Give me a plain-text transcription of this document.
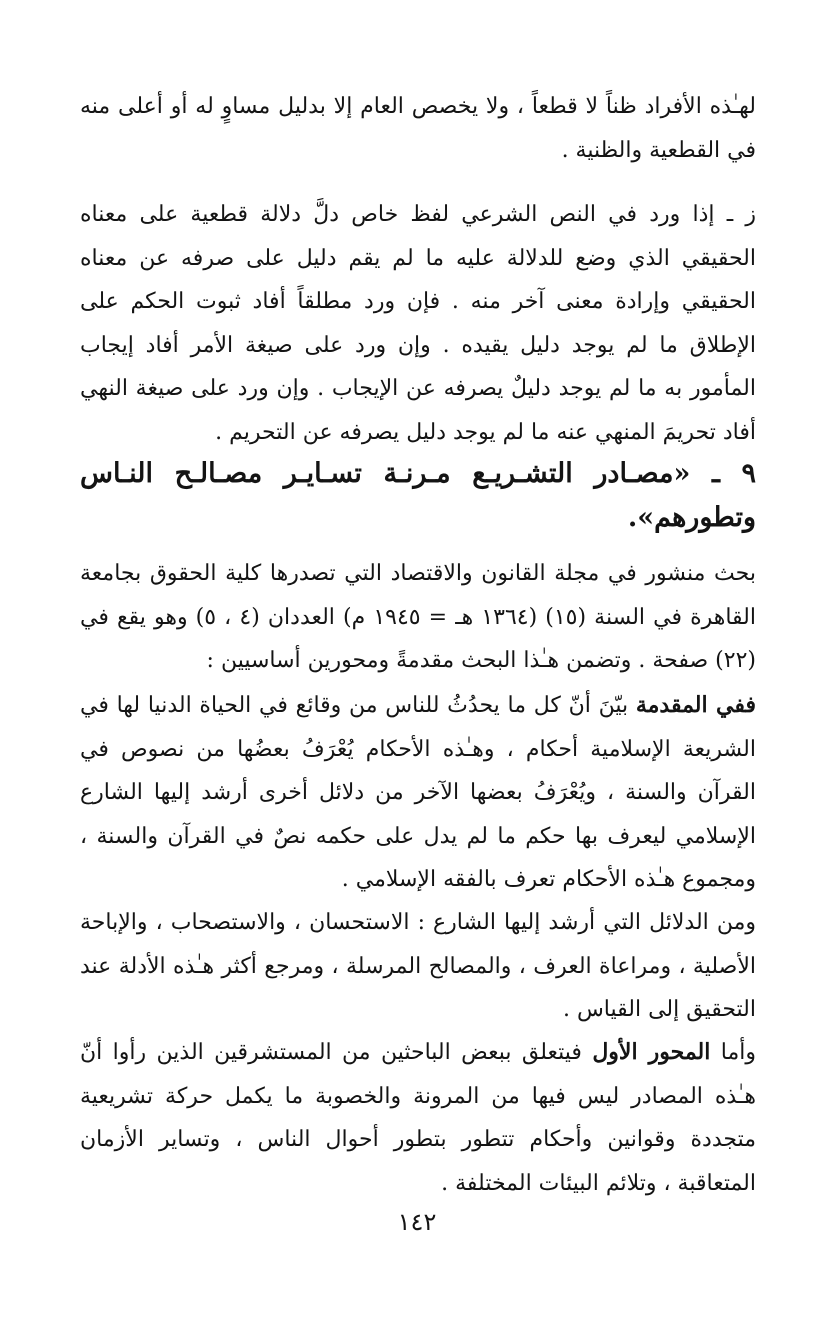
لهـٰذه الأفراد ظناً لا قطعاً ، ولا يخصص العام إلا بدليل مساوٍ له أو أعلى منه في القطعية والظنية .

ز ـ إذا ورد في النص الشرعي لفظ خاص دلَّ دلالة قطعية على معناه الحقيقي الذي وضع للدلالة عليه ما لم يقم دليل على صرفه عن معناه الحقيقي وإرادة معنى آخر منه . فإن ورد مطلقاً أفاد ثبوت الحكم على الإطلاق ما لم يوجد دليل يقيده . وإن ورد على صيغة الأمر أفاد إيجاب المأمور به ما لم يوجد دليلٌ يصرفه عن الإيجاب . وإن ورد على صيغة النهي أفاد تحريمَ المنهي عنه ما لم يوجد دليل يصرفه عن التحريم .

٩ ـ «مصـادر التشـريـع مـرنـة تسـايـر مصـالـح النـاس وتطورهم».

بحث منشور في مجلة القانون والاقتصاد التي تصدرها كلية الحقوق بجامعة القاهرة في السنة (١٥) (١٣٦٤ هـ = ١٩٤٥ م) العددان (٤ ، ٥) وهو يقع في (٢٢) صفحة . وتضمن هـٰذا البحث مقدمةً ومحورين أساسيين :

ففي المقدمة بيّنَ أنّ كل ما يحدُثُ للناس من وقائع في الحياة الدنيا لها في الشريعة الإسلامية أحكام ، وهـٰذه الأحكام يُعْرَفُ بعضُها من نصوص في القرآن والسنة ، ويُعْرَفُ بعضها الآخر من دلائل أخرى أرشد إليها الشارع الإسلامي ليعرف بها حكم ما لم يدل على حكمه نصٌ في القرآن والسنة ، ومجموع هـٰذه الأحكام تعرف بالفقه الإسلامي .

ومن الدلائل التي أرشد إليها الشارع : الاستحسان ، والاستصحاب ، والإباحة الأصلية ، ومراعاة العرف ، والمصالح المرسلة ، ومرجع أكثر هـٰذه الأدلة عند التحقيق إلى القياس .

وأما المحور الأول فيتعلق ببعض الباحثين من المستشرقين الذين رأوا أنّ هـٰذه المصادر ليس فيها من المرونة والخصوبة ما يكمل حركة تشريعية متجددة وقوانين وأحكام تتطور بتطور أحوال الناس ، وتساير الأزمان المتعاقبة ، وتلائم البيئات المختلفة .

١٤٢
